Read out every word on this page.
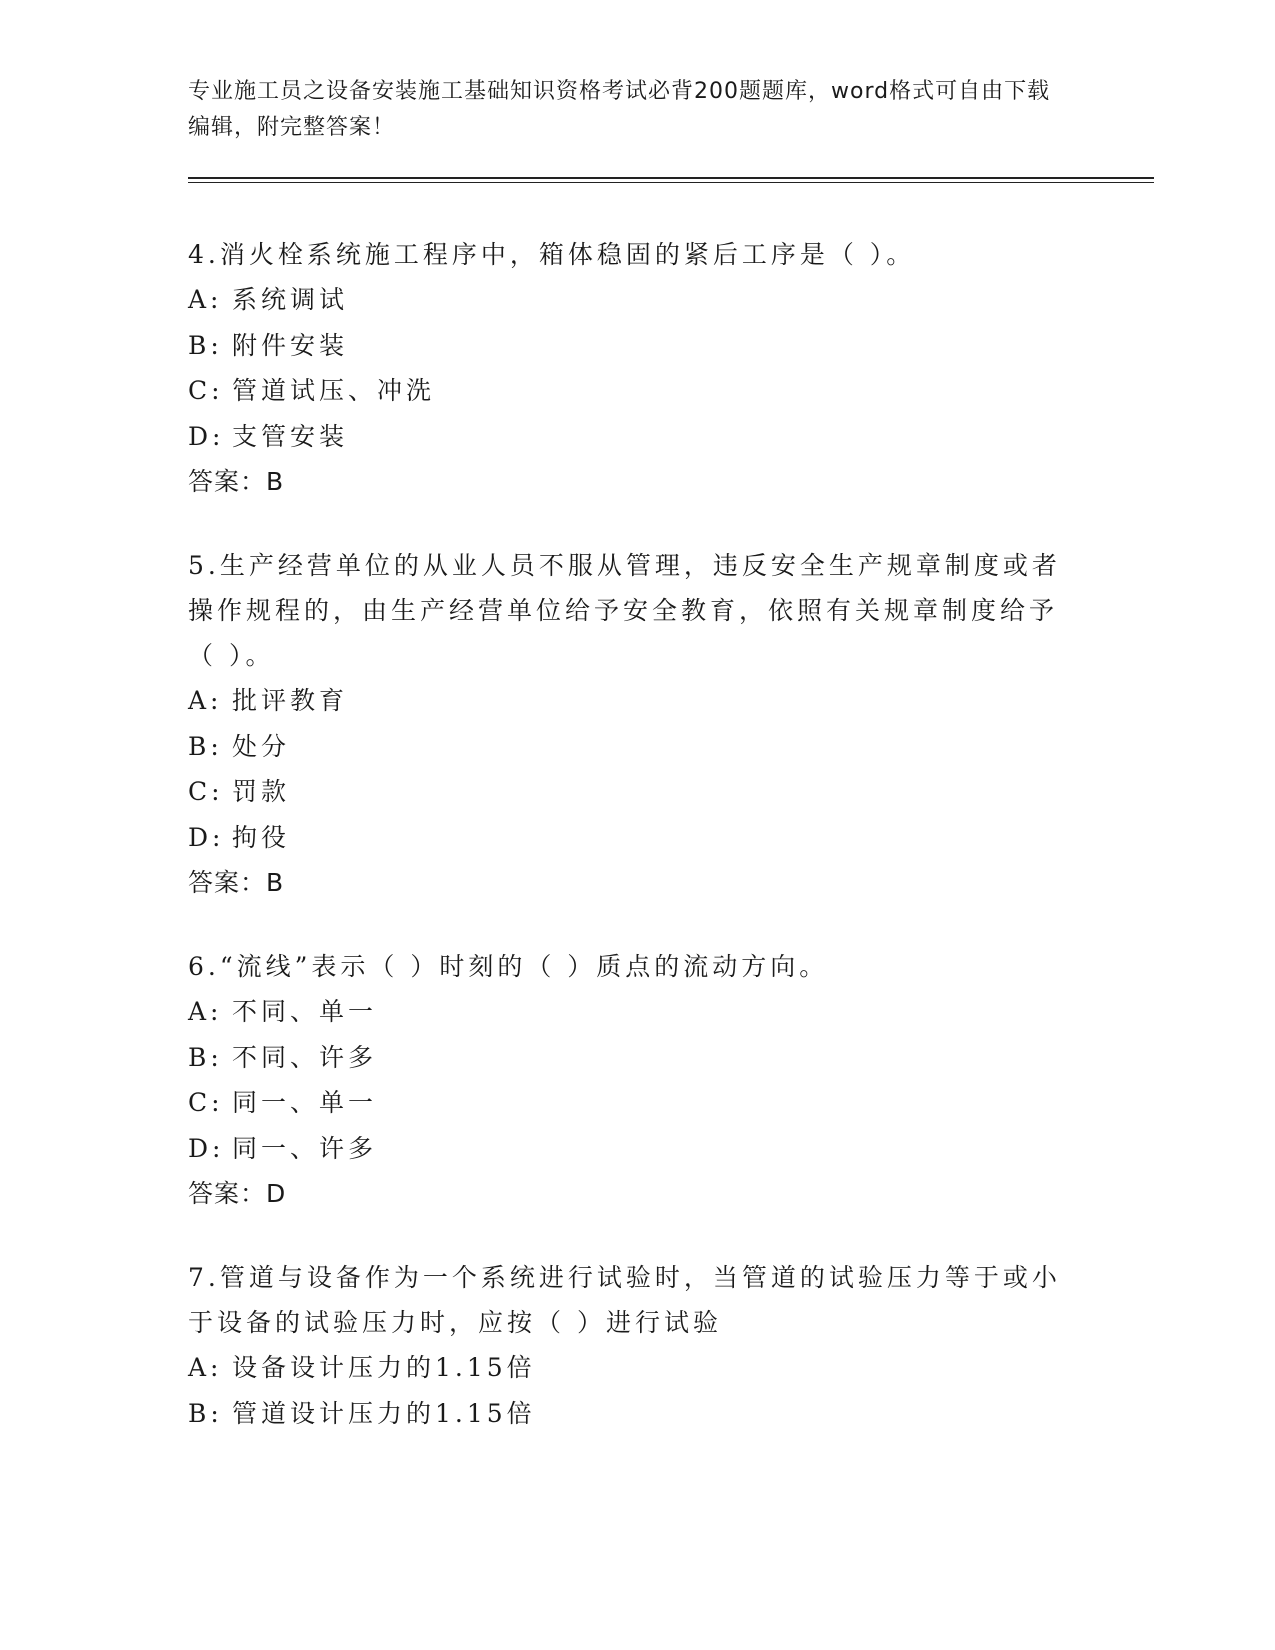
专业施工员之设备安装施工基础知识资格考试必背200题题库，word格式可自由下载编辑，附完整答案！

4.消火栓系统施工程序中，箱体稳固的紧后工序是（ ）。

A: 系统调试

B: 附件安装

C: 管道试压、冲洗

D: 支管安装

答案：B

5.生产经营单位的从业人员不服从管理，违反安全生产规章制度或者操作规程的，由生产经营单位给予安全教育，依照有关规章制度给予（ ）。

A: 批评教育

B: 处分

C: 罚款

D: 拘役

答案：B

6.“流线”表示（ ）时刻的（ ）质点的流动方向。

A: 不同、单一

B: 不同、许多

C: 同一、单一

D: 同一、许多

答案：D

7.管道与设备作为一个系统进行试验时，当管道的试验压力等于或小于设备的试验压力时，应按（ ）进行试验

A: 设备设计压力的1.15倍

B: 管道设计压力的1.15倍
